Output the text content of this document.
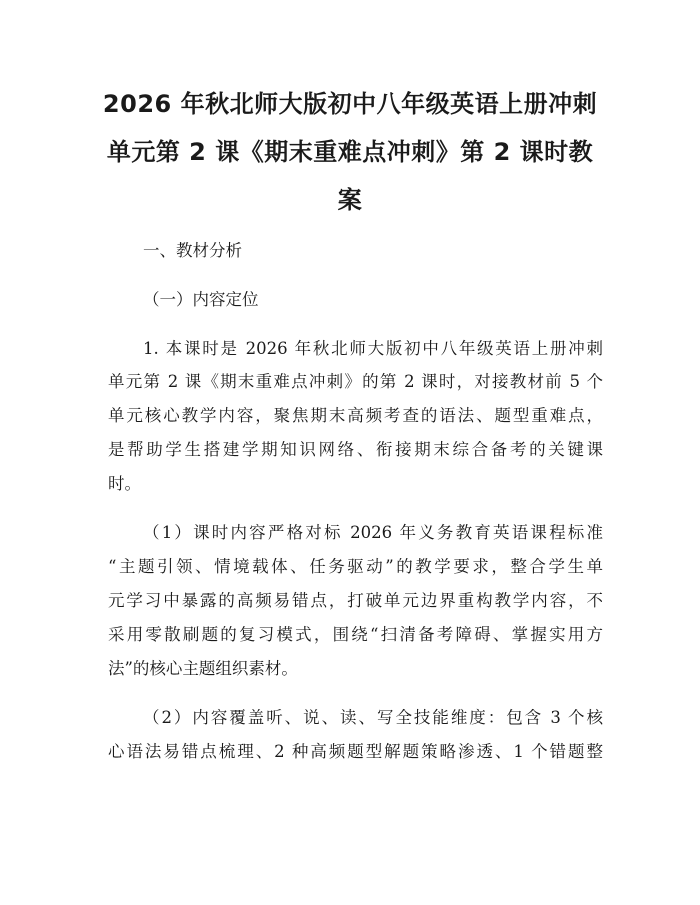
2026 年秋北师大版初中八年级英语上册冲刺
单元第 2 课《期末重难点冲刺》第 2 课时教
案

一、教材分析

（一）内容定位

1. 本课时是 2026 年秋北师大版初中八年级英语上册冲刺

单元第 2 课《期末重难点冲刺》的第 2 课时，对接教材前 5 个

单元核心教学内容，聚焦期末高频考查的语法、题型重难点，

是帮助学生搭建学期知识网络、衔接期末综合备考的关键课

时。

（1）课时内容严格对标 2026 年义务教育英语课程标准

“主题引领、情境载体、任务驱动”的教学要求，整合学生单

元学习中暴露的高频易错点，打破单元边界重构教学内容，不

采用零散刷题的复习模式，围绕“扫清备考障碍、掌握实用方

法”的核心主题组织素材。

（2）内容覆盖听、说、读、写全技能维度：包含 3 个核

心语法易错点梳理、2 种高频题型解题策略渗透、1 个错题整
